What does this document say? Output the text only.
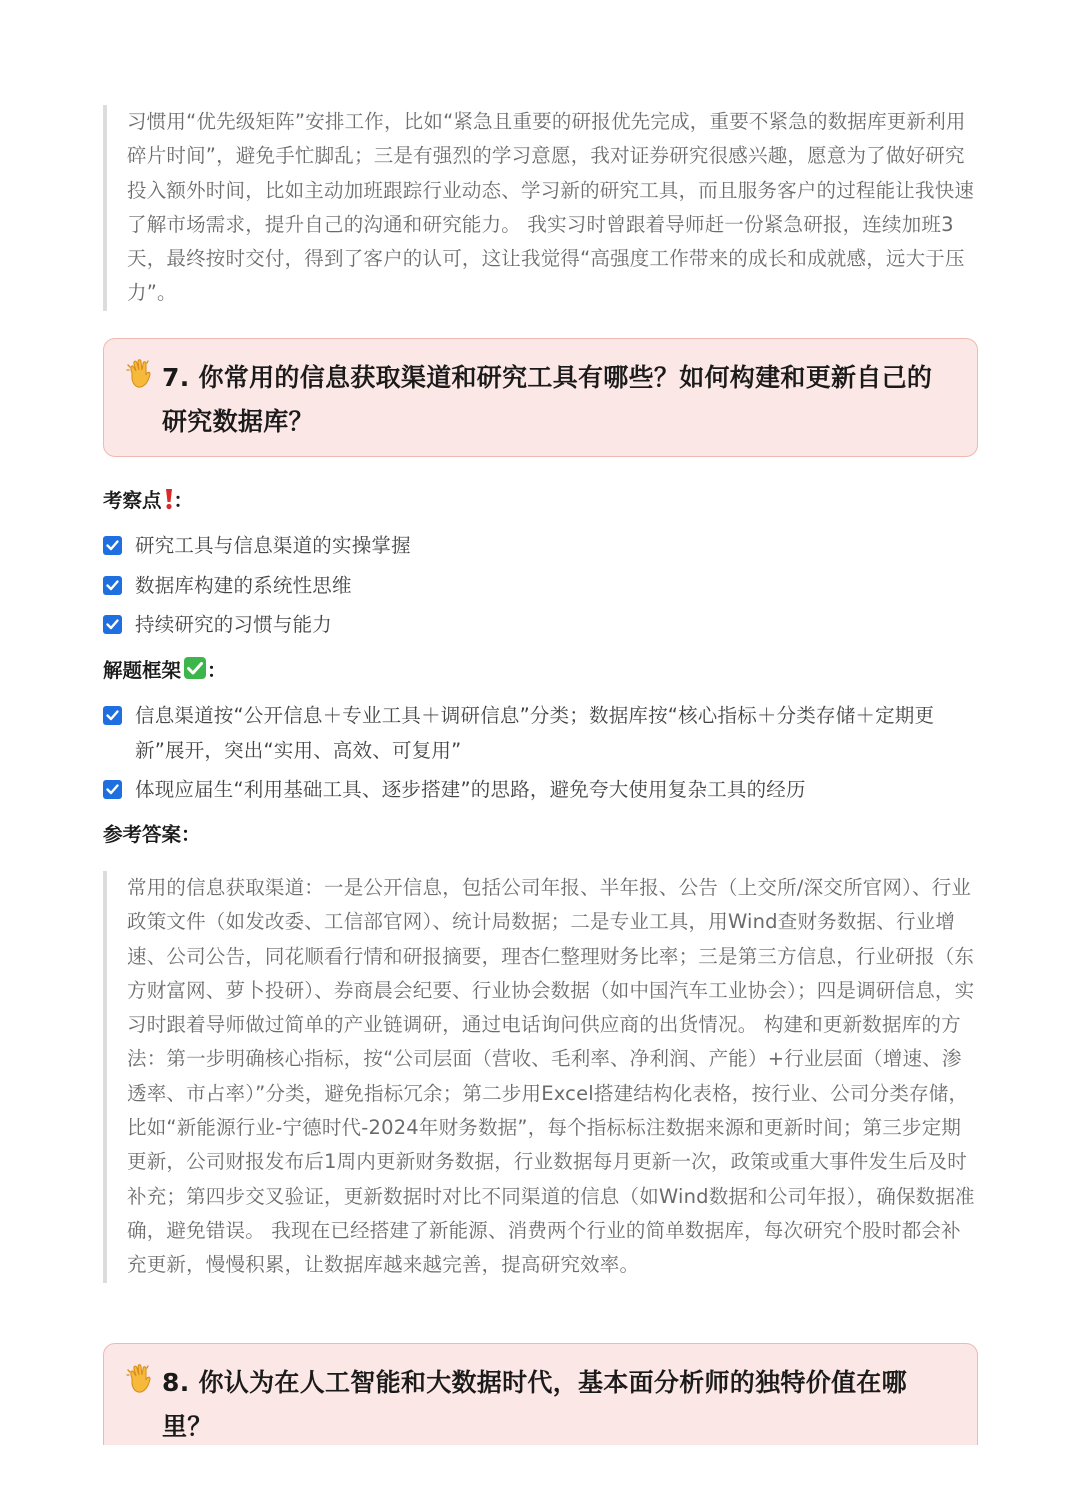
习惯用“优先级矩阵”安排工作，比如“紧急且重要的研报优先完成，重要不紧急的数据库更新利用碎片时间”，避免手忙脚乱；三是有强烈的学习意愿，我对证券研究很感兴趣，愿意为了做好研究投入额外时间，比如主动加班跟踪行业动态、学习新的研究工具，而且服务客户的过程能让我快速了解市场需求，提升自己的沟通和研究能力。 我实习时曾跟着导师赶一份紧急研报，连续加班3天，最终按时交付，得到了客户的认可，这让我觉得“高强度工作带来的成长和成就感，远大于压力”。

7. 你常用的信息获取渠道和研究工具有哪些？如何构建和更新自己的研究数据库？
考察点 ：
研究工具与信息渠道的实操掌握
数据库构建的系统性思维
持续研究的习惯与能力
解题框架 ：
信息渠道按“公开信息＋专业工具＋调研信息”分类；数据库按“核心指标＋分类存储＋定期更新”展开，突出“实用、高效、可复用”
体现应届生“利用基础工具、逐步搭建”的思路，避免夸大使用复杂工具的经历
参考答案：

常用的信息获取渠道：一是公开信息，包括公司年报、半年报、公告（上交所/深交所官网）、行业政策文件（如发改委、工信部官网）、统计局数据；二是专业工具，用Wind查财务数据、行业增速、公司公告，同花顺看行情和研报摘要，理杏仁整理财务比率；三是第三方信息，行业研报（东方财富网、萝卜投研）、券商晨会纪要、行业协会数据（如中国汽车工业协会）；四是调研信息，实习时跟着导师做过简单的产业链调研，通过电话询问供应商的出货情况。 构建和更新数据库的方法：第一步明确核心指标，按“公司层面（营收、毛利率、净利润、产能）+行业层面（增速、渗透率、市占率）”分类，避免指标冗余；第二步用Excel搭建结构化表格，按行业、公司分类存储，比如“新能源行业-宁德时代-2024年财务数据”，每个指标标注数据来源和更新时间；第三步定期更新，公司财报发布后1周内更新财务数据，行业数据每月更新一次，政策或重大事件发生后及时补充；第四步交叉验证，更新数据时对比不同渠道的信息（如Wind数据和公司年报），确保数据准确，避免错误。 我现在已经搭建了新能源、消费两个行业的简单数据库，每次研究个股时都会补充更新，慢慢积累，让数据库越来越完善，提高研究效率。

8. 你认为在人工智能和大数据时代，基本面分析师的独特价值在哪里？
